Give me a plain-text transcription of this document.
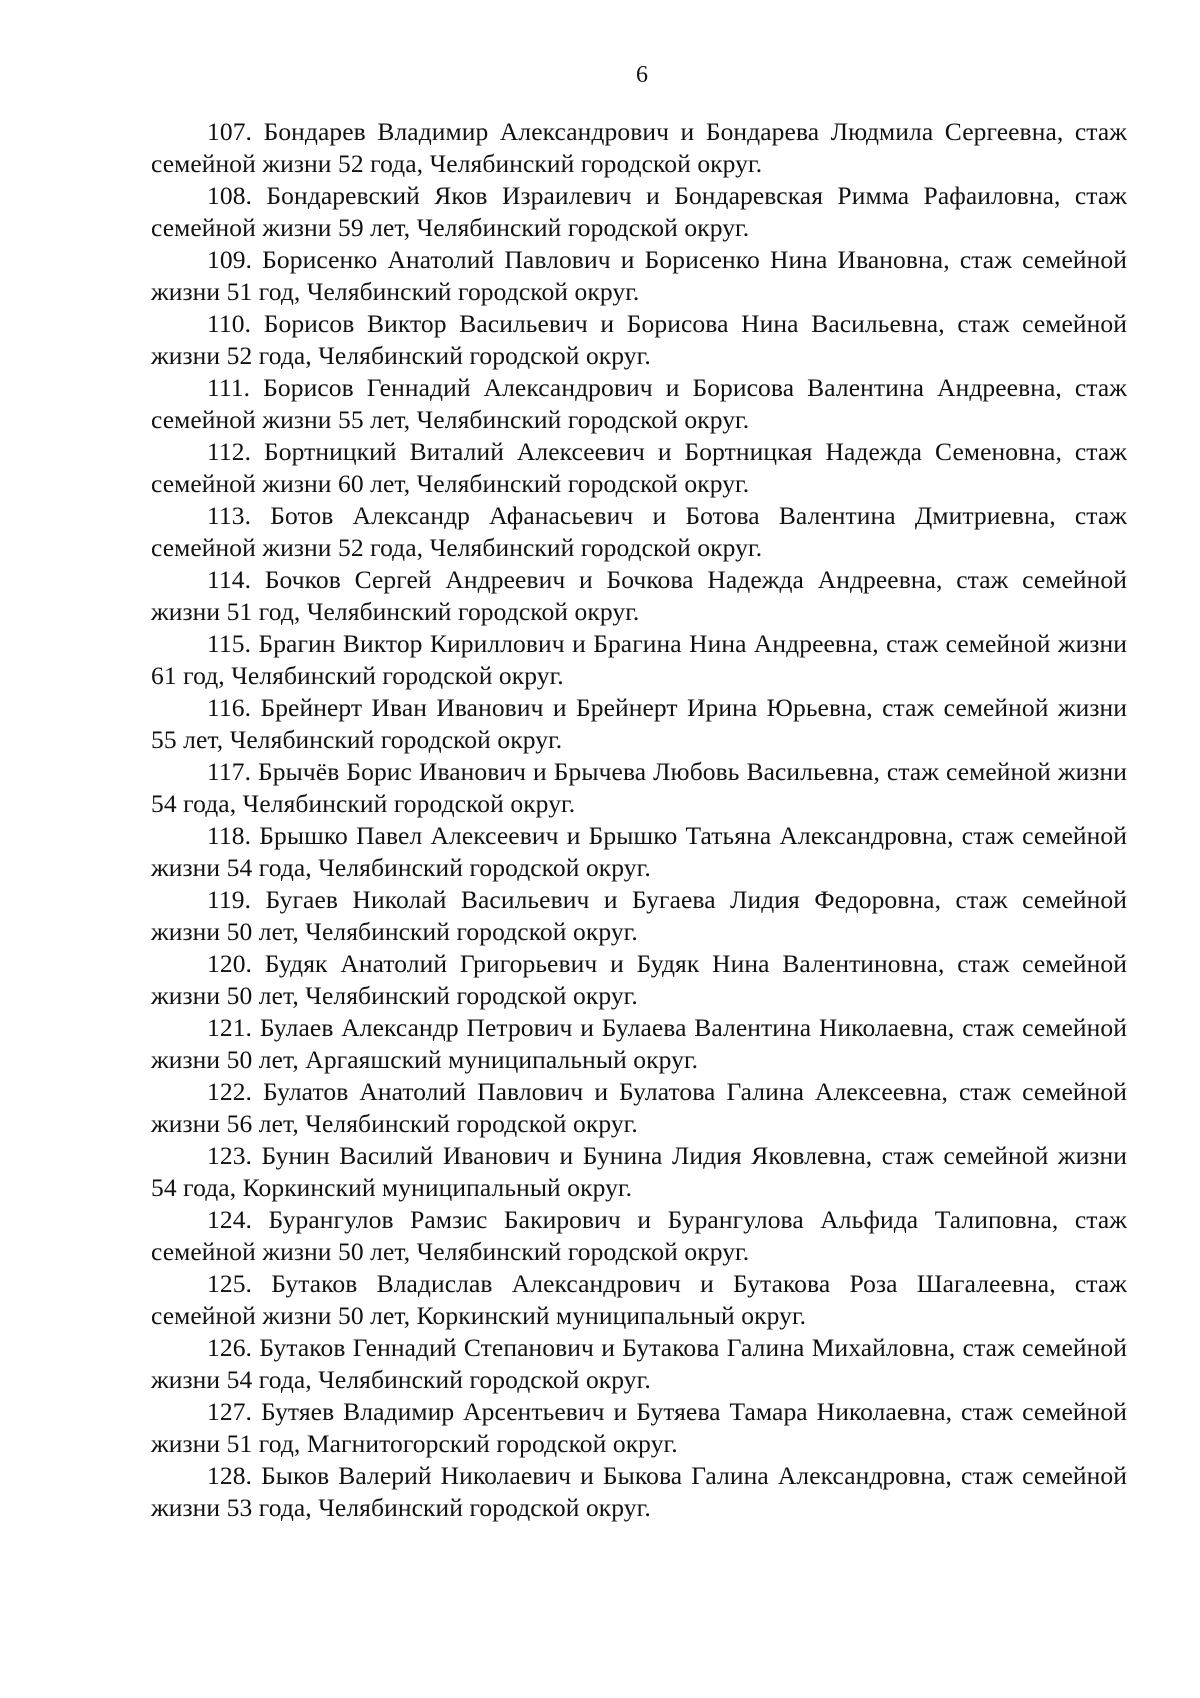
6

107. Бондарев Владимир Александрович и Бондарева Людмила Сергеевна, стаж семейной жизни 52 года, Челябинский городской округ.

108. Бондаревский Яков Израилевич и Бондаревская Римма Рафаиловна, стаж семейной жизни 59 лет, Челябинский городской округ.

109. Борисенко Анатолий Павлович и Борисенко Нина Ивановна, стаж семейной жизни 51 год, Челябинский городской округ.

110. Борисов Виктор Васильевич и Борисова Нина Васильевна, стаж семейной жизни 52 года, Челябинский городской округ.

111. Борисов Геннадий Александрович и Борисова Валентина Андреевна, стаж семейной жизни 55 лет, Челябинский городской округ.

112. Бортницкий Виталий Алексеевич и Бортницкая Надежда Семеновна, стаж семейной жизни 60 лет, Челябинский городской округ.

113. Ботов Александр Афанасьевич и Ботова Валентина Дмитриевна, стаж семейной жизни 52 года, Челябинский городской округ.

114. Бочков Сергей Андреевич и Бочкова Надежда Андреевна, стаж семейной жизни 51 год, Челябинский городской округ.

115. Брагин Виктор Кириллович и Брагина Нина Андреевна, стаж семейной жизни 61 год, Челябинский городской округ.

116. Брейнерт Иван Иванович и Брейнерт Ирина Юрьевна, стаж семейной жизни 55 лет, Челябинский городской округ.

117. Брычёв Борис Иванович и Брычева Любовь Васильевна, стаж семейной жизни 54 года, Челябинский городской округ.

118. Брышко Павел Алексеевич и Брышко Татьяна Александровна, стаж семейной жизни 54 года, Челябинский городской округ.

119. Бугаев Николай Васильевич и Бугаева Лидия Федоровна, стаж семейной жизни 50 лет, Челябинский городской округ.

120. Будяк Анатолий Григорьевич и Будяк Нина Валентиновна, стаж семейной жизни 50 лет, Челябинский городской округ.

121. Булаев Александр Петрович и Булаева Валентина Николаевна, стаж семейной жизни 50 лет, Аргаяшский муниципальный округ.

122. Булатов Анатолий Павлович и Булатова Галина Алексеевна, стаж семейной жизни 56 лет, Челябинский городской округ.

123. Бунин Василий Иванович и Бунина Лидия Яковлевна, стаж семейной жизни 54 года, Коркинский муниципальный округ.

124. Бурангулов Рамзис Бакирович и Бурангулова Альфида Талиповна, стаж семейной жизни 50 лет, Челябинский городской округ.

125. Бутаков Владислав Александрович и Бутакова Роза Шагалеевна, стаж семейной жизни 50 лет, Коркинский муниципальный округ.

126. Бутаков Геннадий Степанович и Бутакова Галина Михайловна, стаж семейной жизни 54 года, Челябинский городской округ.

127. Бутяев Владимир Арсентьевич и Бутяева Тамара Николаевна, стаж семейной жизни 51 год, Магнитогорский городской округ.

128. Быков Валерий Николаевич и Быкова Галина Александровна, стаж семейной жизни 53 года, Челябинский городской округ.
